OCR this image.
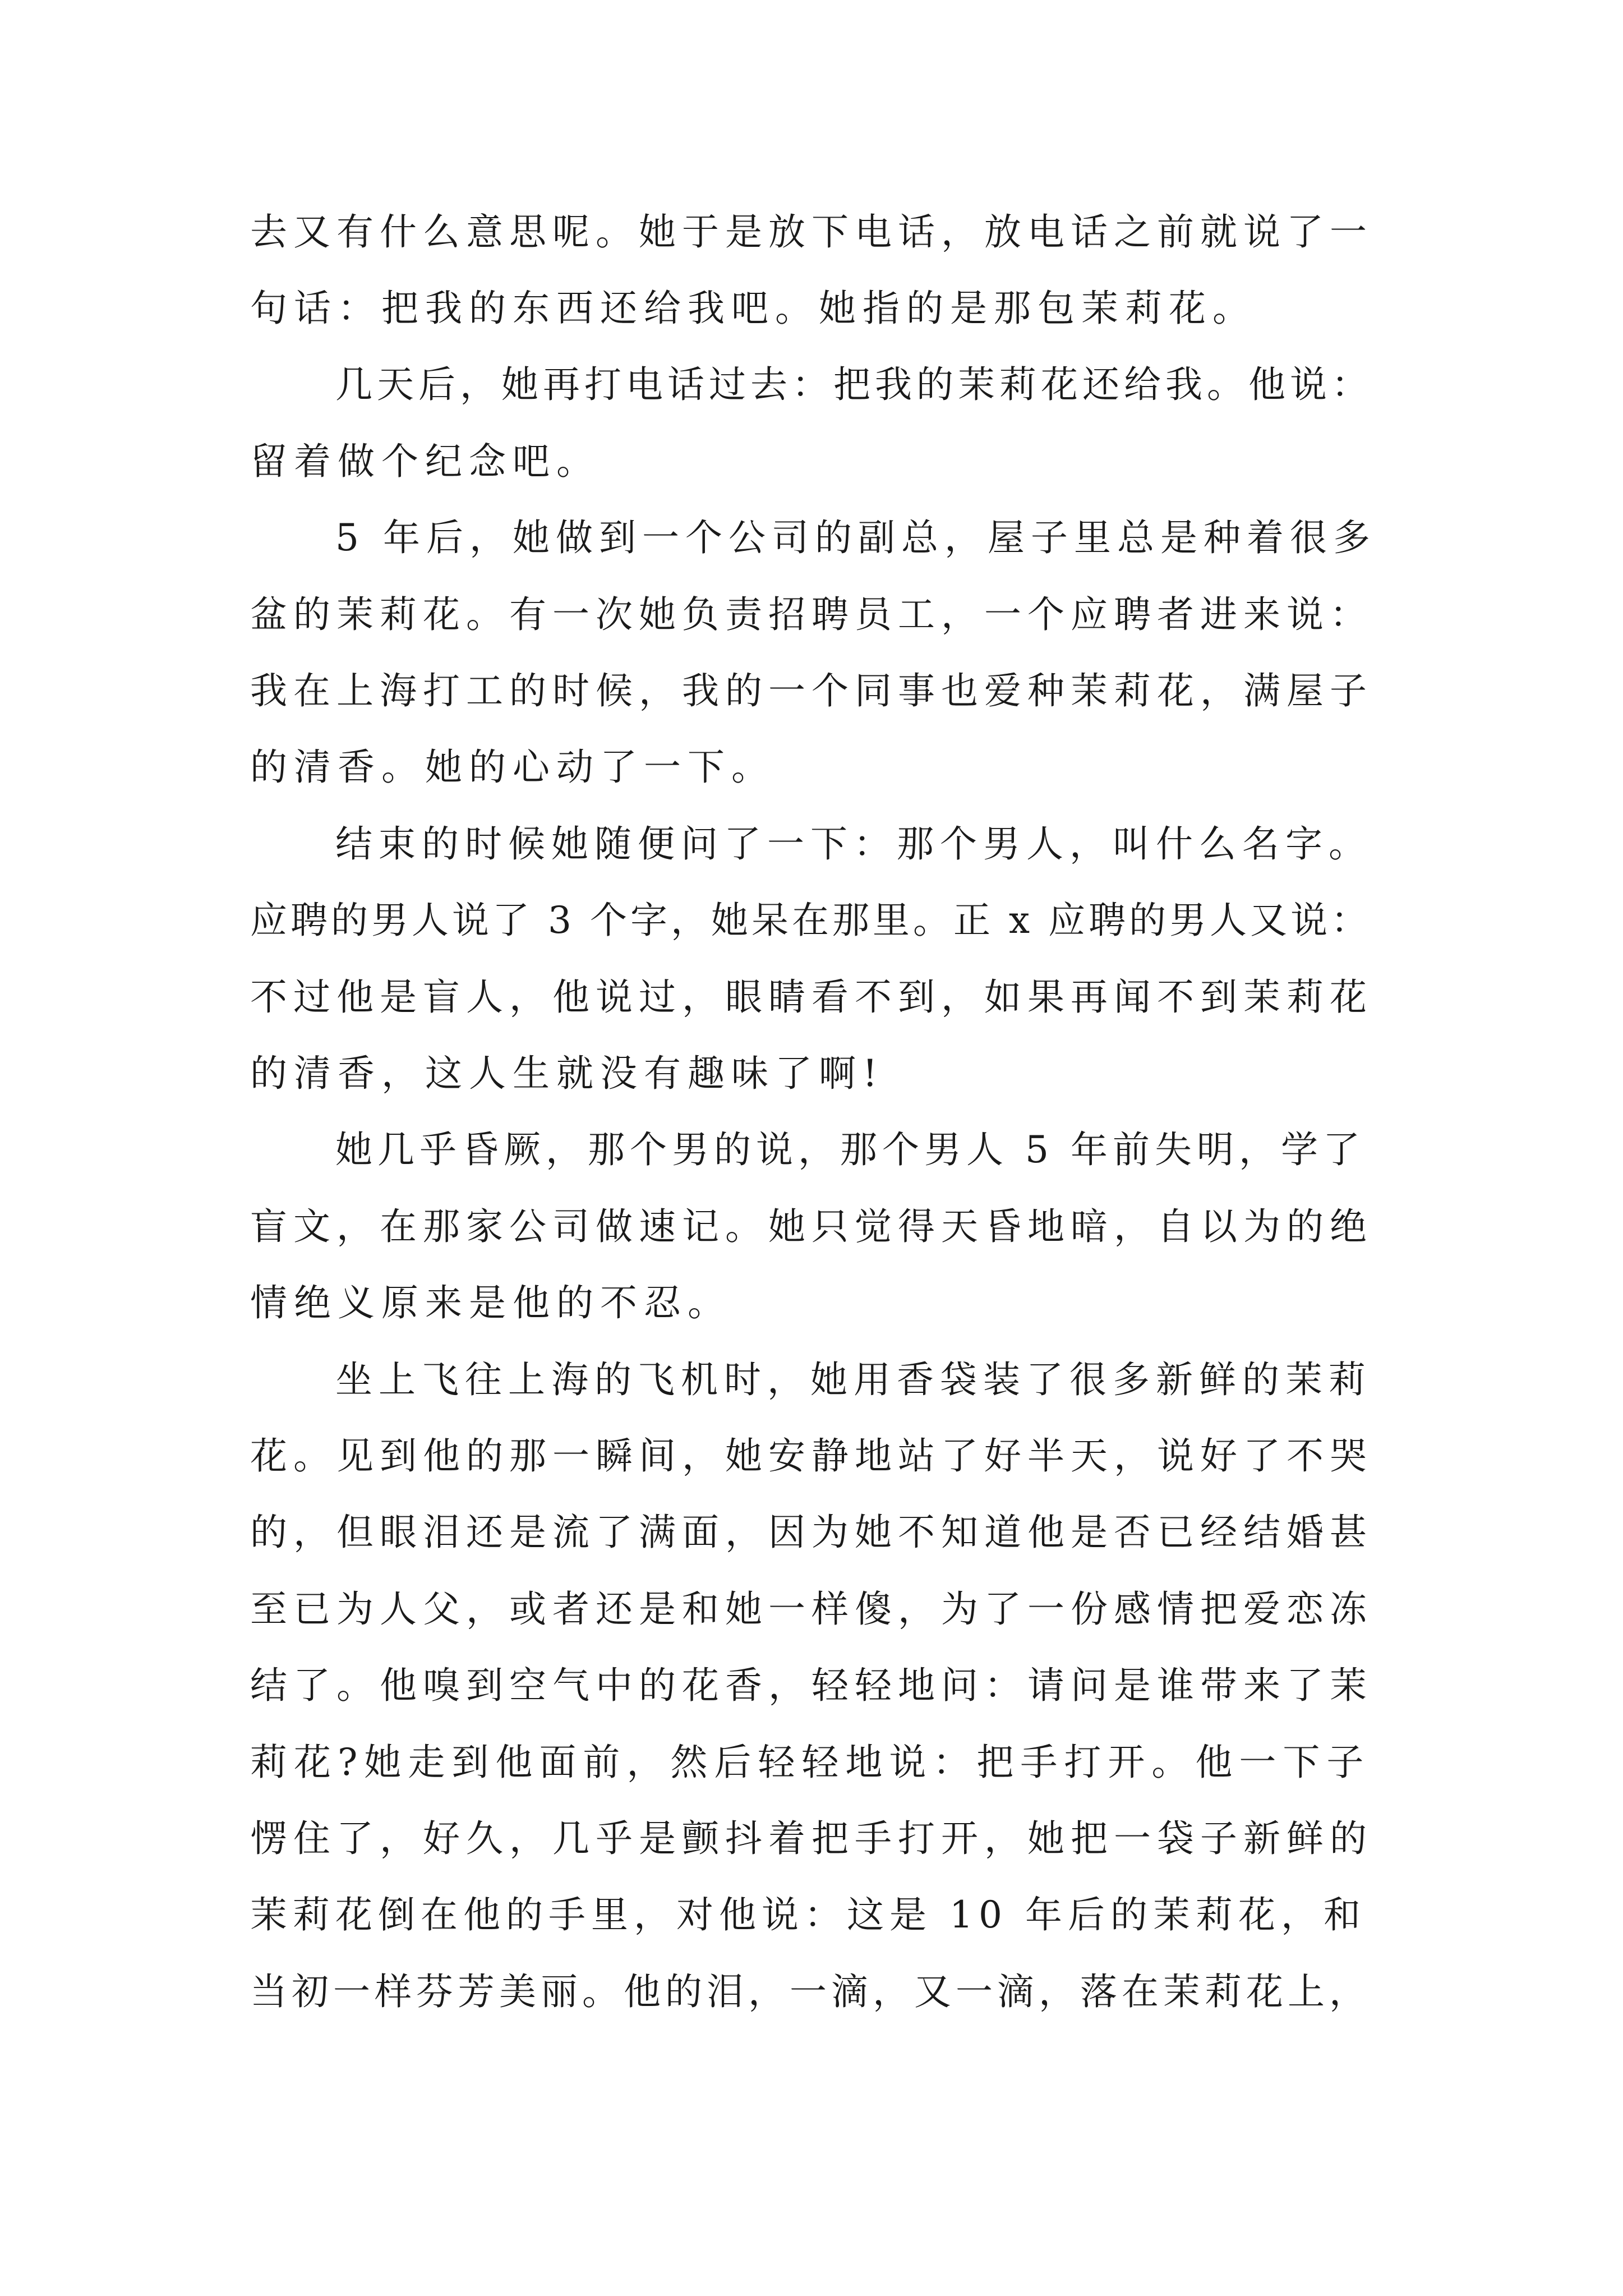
去又有什么意思呢。她于是放下电话，放电话之前就说了一
句话：把我的东西还给我吧。她指的是那包茉莉花。
几天后，她再打电话过去：把我的茉莉花还给我。他说：
留着做个纪念吧。
5 年后，她做到一个公司的副总，屋子里总是种着很多
盆的茉莉花。有一次她负责招聘员工，一个应聘者进来说：
我在上海打工的时候，我的一个同事也爱种茉莉花，满屋子
的清香。她的心动了一下。
结束的时候她随便问了一下：那个男人，叫什么名字。
应聘的男人说了 3 个字，她呆在那里。正 x 应聘的男人又说：
不过他是盲人，他说过，眼睛看不到，如果再闻不到茉莉花
的清香，这人生就没有趣味了啊!
她几乎昏厥，那个男的说，那个男人 5 年前失明，学了
盲文，在那家公司做速记。她只觉得天昏地暗，自以为的绝
情绝义原来是他的不忍。
坐上飞往上海的飞机时，她用香袋装了很多新鲜的茉莉
花。见到他的那一瞬间，她安静地站了好半天，说好了不哭
的，但眼泪还是流了满面，因为她不知道他是否已经结婚甚
至已为人父，或者还是和她一样傻，为了一份感情把爱恋冻
结了。他嗅到空气中的花香，轻轻地问：请问是谁带来了茉
莉花?她走到他面前，然后轻轻地说：把手打开。他一下子
愣住了，好久，几乎是颤抖着把手打开，她把一袋子新鲜的
茉莉花倒在他的手里，对他说：这是 10 年后的茉莉花，和
当初一样芬芳美丽。他的泪，一滴，又一滴，落在茉莉花上，
